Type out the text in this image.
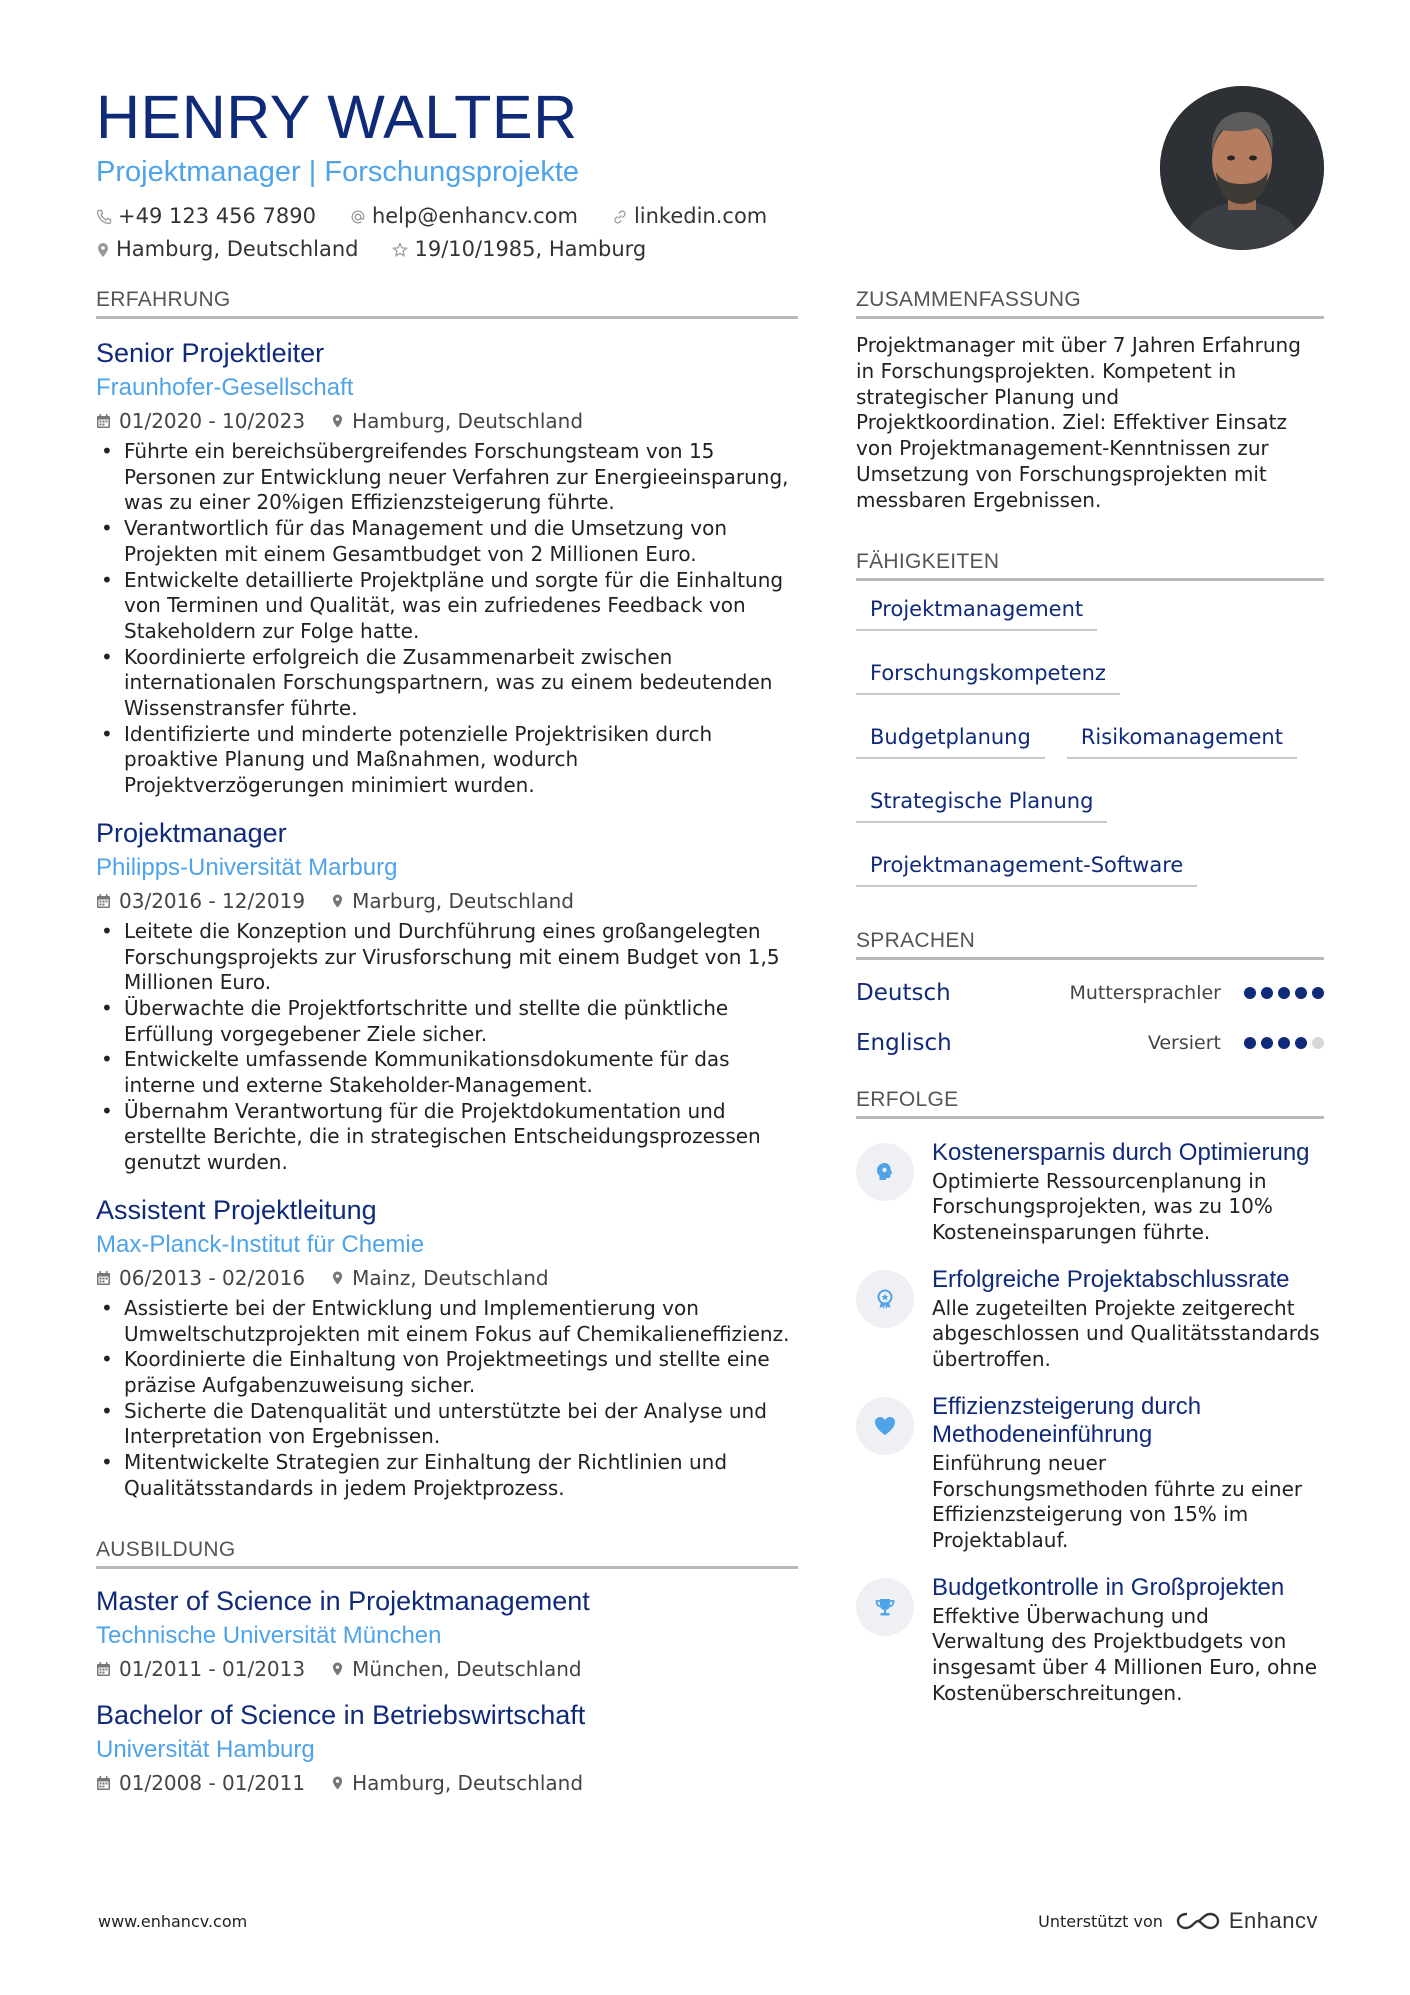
HENRY WALTER
Projektmanager | Forschungsprojekte
+49 123 456 7890	help@enhancv.com	linkedin.com
Hamburg, Deutschland	19/10/1985, Hamburg
ERFAHRUNG
Senior Projektleiter
Fraunhofer-Gesellschaft
01/2020 - 10/2023 Hamburg, Deutschland
• Führte ein bereichsübergreifendes Forschungsteam von 15 Personen zur Entwicklung neuer Verfahren zur Energieeinsparung, was zu einer 20%igen Effizienzsteigerung führte.
• Verantwortlich für das Management und die Umsetzung von Projekten mit einem Gesamtbudget von 2 Millionen Euro.
• Entwickelte detaillierte Projektpläne und sorgte für die Einhaltung von Terminen und Qualität, was ein zufriedenes Feedback von Stakeholdern zur Folge hatte.
• Koordinierte erfolgreich die Zusammenarbeit zwischen internationalen Forschungspartnern, was zu einem bedeutenden Wissenstransfer führte.
• Identifizierte und minderte potenzielle Projektrisiken durch proaktive Planung und Maßnahmen, wodurch Projektverzögerungen minimiert wurden.
Projektmanager
Philipps-Universität Marburg
03/2016 - 12/2019 Marburg, Deutschland
• Leitete die Konzeption und Durchführung eines großangelegten Forschungsprojekts zur Virusforschung mit einem Budget von 1,5 Millionen Euro.
• Überwachte die Projektfortschritte und stellte die pünktliche Erfüllung vorgegebener Ziele sicher.
• Entwickelte umfassende Kommunikationsdokumente für das interne und externe Stakeholder-Management.
• Übernahm Verantwortung für die Projektdokumentation und erstellte Berichte, die in strategischen Entscheidungsprozessen genutzt wurden.
Assistent Projektleitung
Max-Planck-Institut für Chemie
06/2013 - 02/2016 Mainz, Deutschland
• Assistierte bei der Entwicklung und Implementierung von Umweltschutzprojekten mit einem Fokus auf Chemikalieneffizienz.
• Koordinierte die Einhaltung von Projektmeetings und stellte eine präzise Aufgabenzuweisung sicher.
• Sicherte die Datenqualität und unterstützte bei der Analyse und Interpretation von Ergebnissen.
• Mitentwickelte Strategien zur Einhaltung der Richtlinien und Qualitätsstandards in jedem Projektprozess.
AUSBILDUNG
Master of Science in Projektmanagement
Technische Universität München
01/2011 - 01/2013 München, Deutschland
Bachelor of Science in Betriebswirtschaft
Universität Hamburg
01/2008 - 01/2011 Hamburg, Deutschland
ZUSAMMENFASSUNG
Projektmanager mit über 7 Jahren Erfahrung in Forschungsprojekten. Kompetent in strategischer Planung und Projektkoordination. Ziel: Effektiver Einsatz von Projektmanagement-Kenntnissen zur Umsetzung von Forschungsprojekten mit messbaren Ergebnissen.
FÄHIGKEITEN
Projektmanagement
Forschungskompetenz
Budgetplanung	Risikomanagement
Strategische Planung
Projektmanagement-Software
SPRACHEN
Deutsch	Muttersprachler
Englisch	Versiert
ERFOLGE
Kostenersparnis durch Optimierung
Optimierte Ressourcenplanung in Forschungsprojekten, was zu 10% Kosteneinsparungen führte.
Erfolgreiche Projektabschlussrate
Alle zugeteilten Projekte zeitgerecht abgeschlossen und Qualitätsstandards übertroffen.
Effizienzsteigerung durch Methodeneinführung
Einführung neuer Forschungsmethoden führte zu einer Effizienzsteigerung von 15% im Projektablauf.
Budgetkontrolle in Großprojekten
Effektive Überwachung und Verwaltung des Projektbudgets von insgesamt über 4 Millionen Euro, ohne Kostenüberschreitungen.
www.enhancv.com	Unterstützt von	Enhancv
